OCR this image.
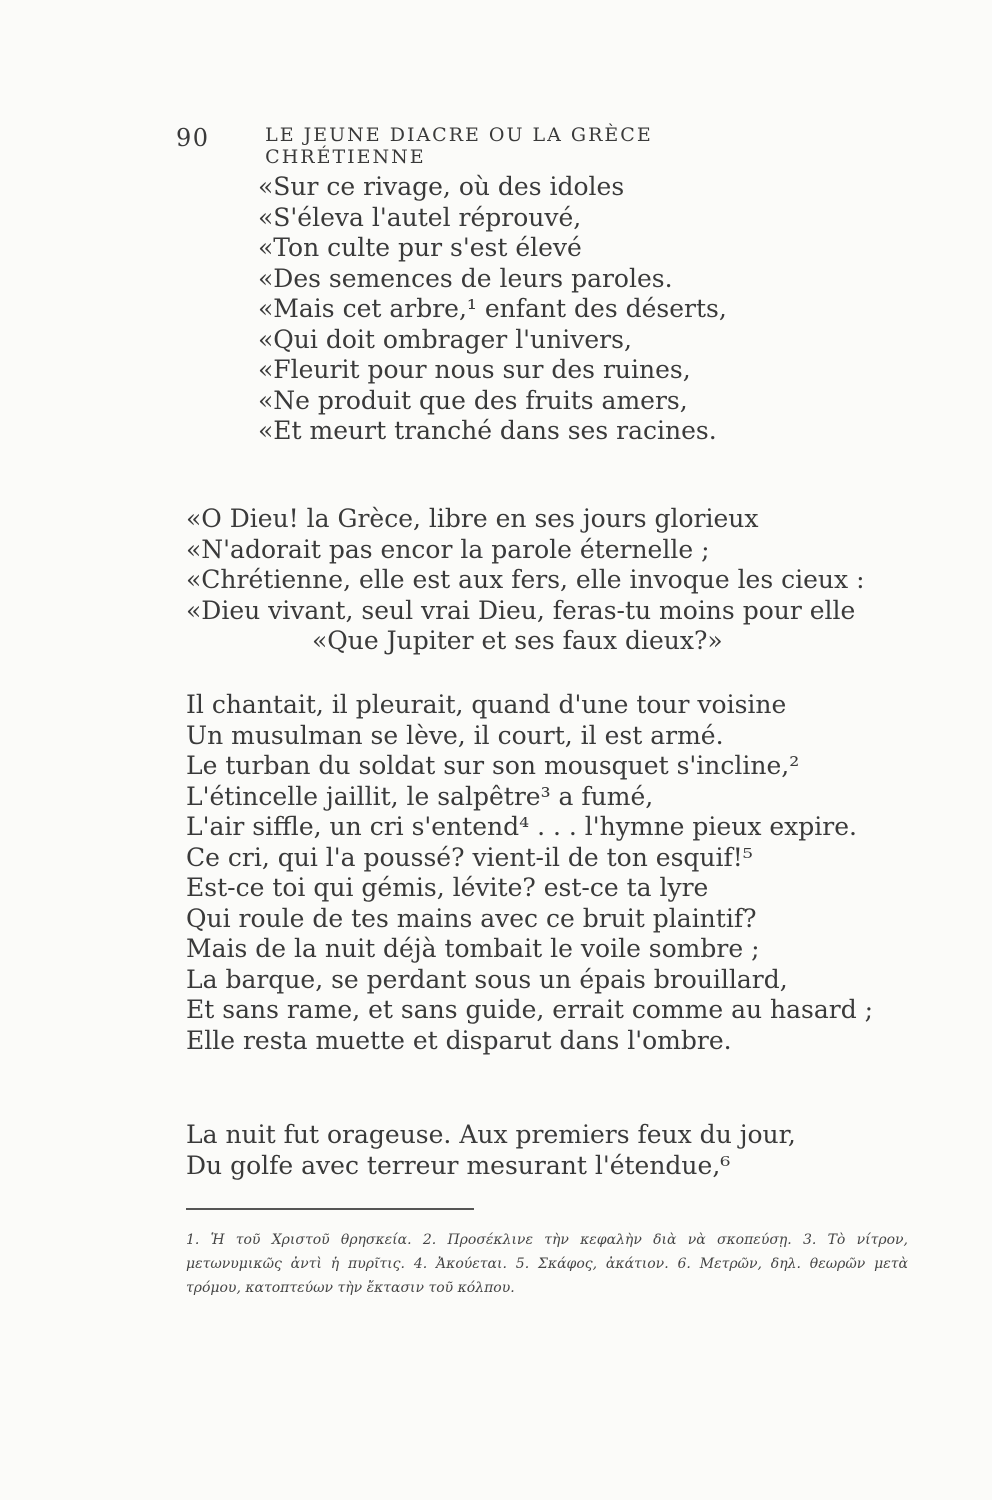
90	LE JEUNE DIACRE OU LA GRÈCE CHRÉTIENNE
«Sur ce rivage, où des idoles
«S'éleva l'autel réprouvé,
«Ton culte pur s'est élevé
«Des semences de leurs paroles.
«Mais cet arbre,¹ enfant des déserts,
«Qui doit ombrager l'univers,
«Fleurit pour nous sur des ruines,
«Ne produit que des fruits amers,
«Et meurt tranché dans ses racines.
«O Dieu! la Grèce, libre en ses jours glorieux
«N'adorait pas encor la parole éternelle ;
«Chrétienne, elle est aux fers, elle invoque les cieux :
«Dieu vivant, seul vrai Dieu, feras-tu moins pour elle
«Que Jupiter et ses faux dieux?»
Il chantait, il pleurait, quand d'une tour voisine
Un musulman se lève, il court, il est armé.
Le turban du soldat sur son mousquet s'incline,²
L'étincelle jaillit, le salpêtre³ a fumé,
L'air siffle, un cri s'entend⁴ . . . l'hymne pieux expire.
Ce cri, qui l'a poussé? vient-il de ton esquif!⁵
Est-ce toi qui gémis, lévite? est-ce ta lyre
Qui roule de tes mains avec ce bruit plaintif?
Mais de la nuit déjà tombait le voile sombre ;
La barque, se perdant sous un épais brouillard,
Et sans rame, et sans guide, errait comme au hasard ;
Elle resta muette et disparut dans l'ombre.
La nuit fut orageuse. Aux premiers feux du jour,
Du golfe avec terreur mesurant l'étendue,⁶
1. Ἡ τοῦ Χριστοῦ θρησκεία. 2. Προσέκλινε τὴν κεφαλὴν διὰ νὰ σκοπεύσῃ. 3. Τὸ νίτρον, μετωνυμικῶς ἀντὶ ἡ πυρῖτις. 4. Ἀκούεται. 5. Σκάφος, ἀκάτιον. 6. Μετρῶν, δηλ. θεωρῶν μετὰ τρόμου, κατοπτεύων τὴν ἔκτασιν τοῦ κόλπου.
